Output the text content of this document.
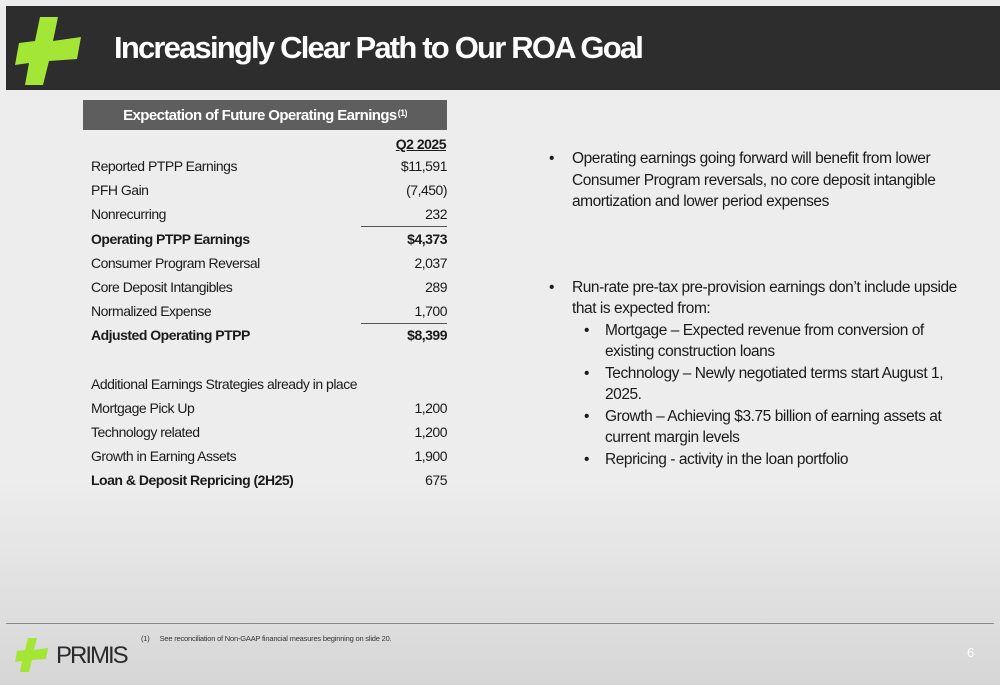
Increasingly Clear Path to Our ROA Goal
Expectation of Future Operating Earnings$^{(1)}$
Q2 2025
Reported PTPP Earnings	$11,591
PFH Gain	(7,450)
Nonrecurring	232
Operating PTPP Earnings	$4,373
Consumer Program Reversal	2,037
Core Deposit Intangibles	289
Normalized Expense	1,700
Adjusted Operating PTPP	$8,399
Additional Earnings Strategies already in place
Mortgage Pick Up	1,200
Technology related	1,200
Growth in Earning Assets	1,900
Loan & Deposit Repricing (2H25)	675
• Operating earnings going forward will benefit from lower Consumer Program reversals, no core deposit intangible amortization and lower period expenses
• Run-rate pre-tax pre-provision earnings don’t include upside that is expected from:
• Mortgage – Expected revenue from conversion of existing construction loans
• Technology – Newly negotiated terms start August 1, 2025.
• Growth – Achieving $3.75 billion of earning assets at current margin levels
• Repricing - activity in the loan portfolio
PRIMIS
(1) See reconciliation of Non-GAAP financial measures beginning on slide 20.
6
